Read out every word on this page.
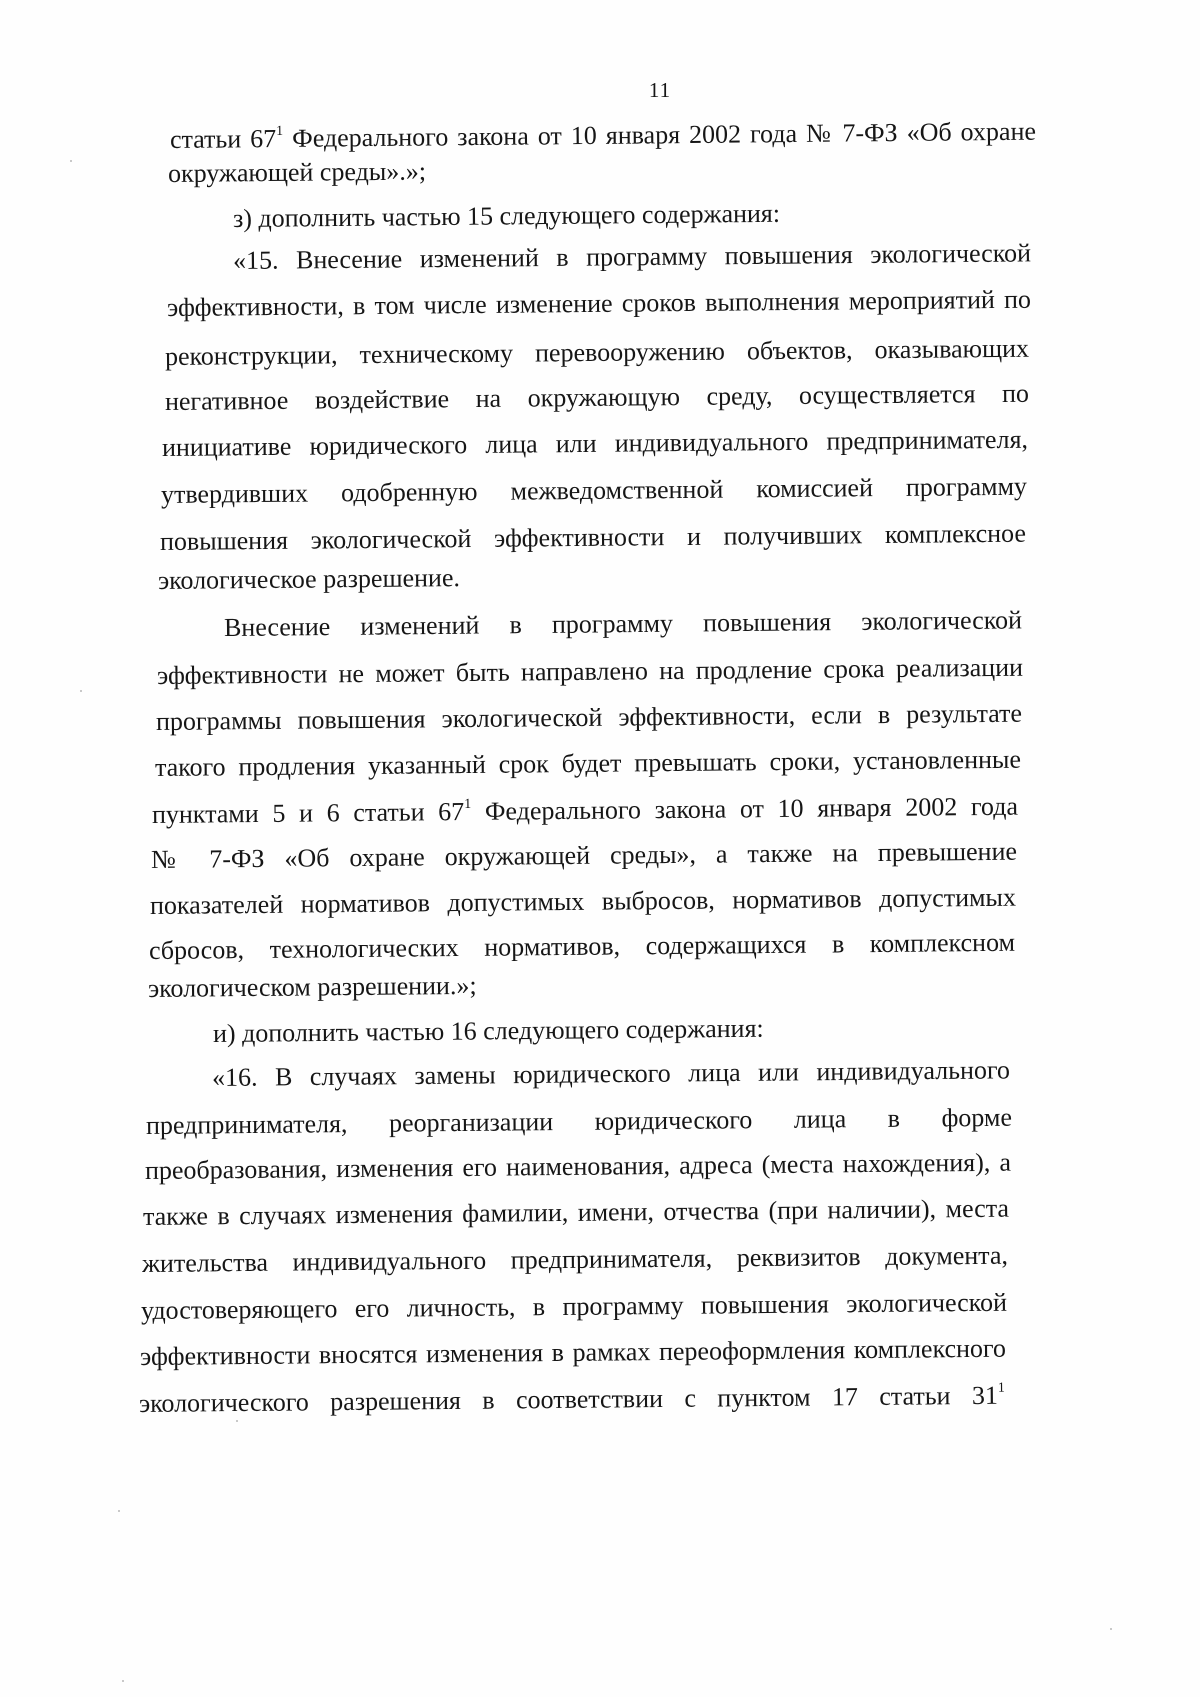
11
статьи $67^1$ Федерального закона от 10 января 2002 года № 7-ФЗ «Об охране
окружающей среды».»;
з) дополнить частью 15 следующего содержания:
«15. Внесение изменений в программу повышения экологической
эффективности, в том числе изменение сроков выполнения мероприятий по
реконструкции, техническому перевооружению объектов, оказывающих
негативное воздействие на окружающую среду, осуществляется по
инициативе юридического лица или индивидуального предпринимателя,
утвердивших одобренную межведомственной комиссией программу
повышения экологической эффективности и получивших комплексное
экологическое разрешение.
Внесение изменений в программу повышения экологической
эффективности не может быть направлено на продление срока реализации
программы повышения экологической эффективности, если в результате
такого продления указанный срок будет превышать сроки, установленные
пунктами 5 и 6 статьи $67^1$ Федерального закона от 10 января 2002 года
№ 7-ФЗ «Об охране окружающей среды», а также на превышение
показателей нормативов допустимых выбросов, нормативов допустимых
сбросов, технологических нормативов, содержащихся в комплексном
экологическом разрешении.»;
и) дополнить частью 16 следующего содержания:
«16. В случаях замены юридического лица или индивидуального
предпринимателя, реорганизации юридического лица в форме
преобразования, изменения его наименования, адреса (места нахождения), а
также в случаях изменения фамилии, имени, отчества (при наличии), места
жительства индивидуального предпринимателя, реквизитов документа,
удостоверяющего его личность, в программу повышения экологической
эффективности вносятся изменения в рамках переоформления комплексного
экологического разрешения в соответствии с пунктом 17 статьи $31^1$
